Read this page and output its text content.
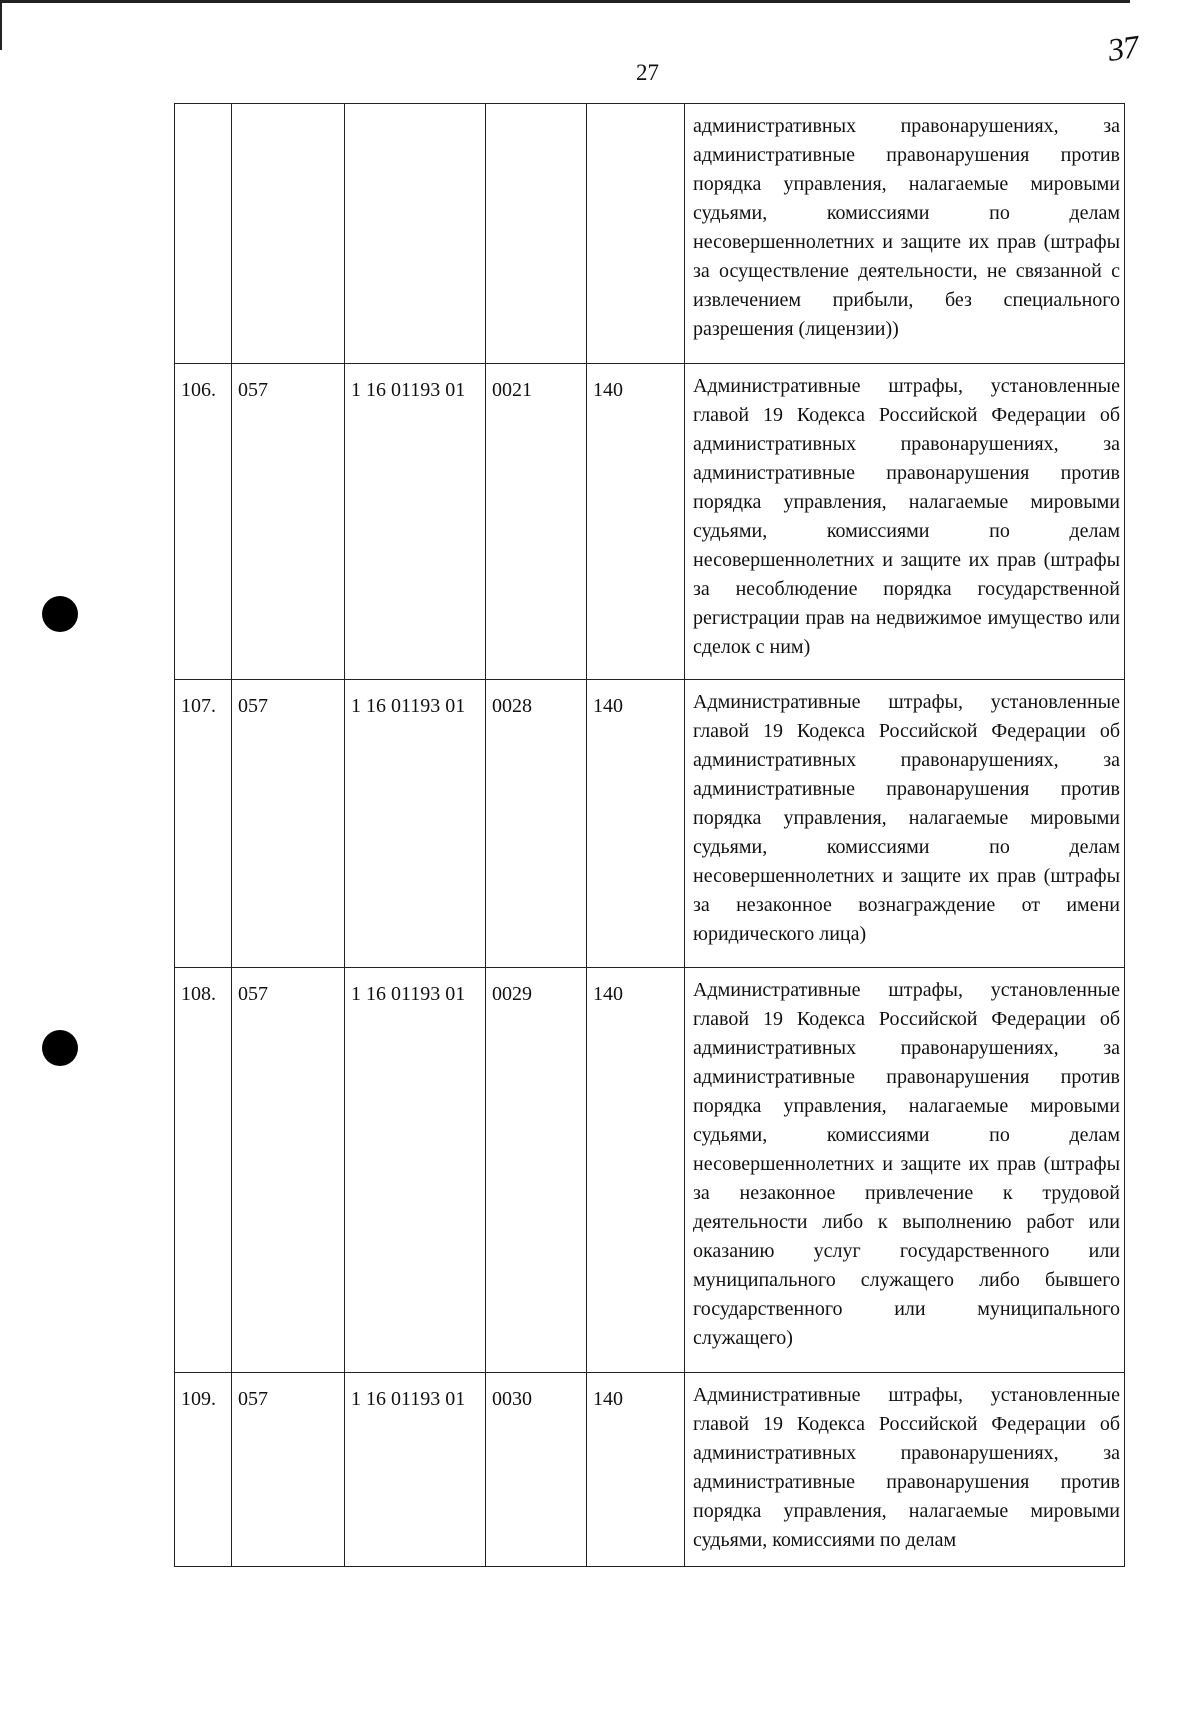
27
37
					административных правонарушениях, за административные правонарушения против порядка управления, налагаемые мировыми судьями, комиссиями по делам несовершеннолетних и защите их прав (штрафы за осуществление деятельности, не связанной с извлечением прибыли, без специального разрешения (лицензии))
106.	057	1 16 01193 01	0021	140	Административные штрафы, установленные главой 19 Кодекса Российской Федерации об административных правонарушениях, за административные правонарушения против порядка управления, налагаемые мировыми судьями, комиссиями по делам несовершеннолетних и защите их прав (штрафы за несоблюдение порядка государственной регистрации прав на недвижимое имущество или сделок с ним)
107.	057	1 16 01193 01	0028	140	Административные штрафы, установленные главой 19 Кодекса Российской Федерации об административных правонарушениях, за административные правонарушения против порядка управления, налагаемые мировыми судьями, комиссиями по делам несовершеннолетних и защите их прав (штрафы за незаконное вознаграждение от имени юридического лица)
108.	057	1 16 01193 01	0029	140	Административные штрафы, установленные главой 19 Кодекса Российской Федерации об административных правонарушениях, за административные правонарушения против порядка управления, налагаемые мировыми судьями, комиссиями по делам несовершеннолетних и защите их прав (штрафы за незаконное привлечение к трудовой деятельности либо к выполнению работ или оказанию услуг государственного или муниципального служащего либо бывшего государственного или муниципального служащего)
109.	057	1 16 01193 01	0030	140	Административные штрафы, установленные главой 19 Кодекса Российской Федерации об административных правонарушениях, за административные правонарушения против порядка управления, налагаемые мировыми судьями, комиссиями по делам
